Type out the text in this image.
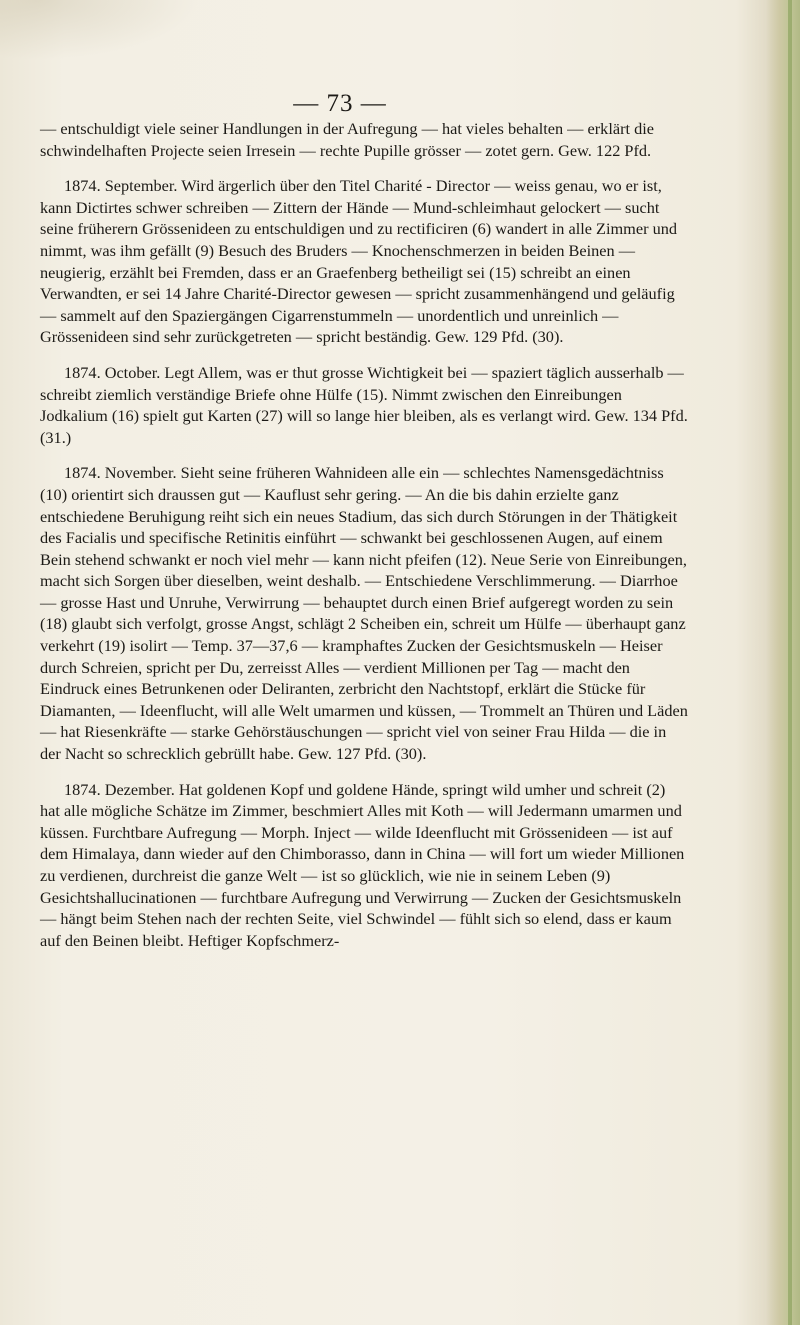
— 73 —

— entschuldigt viele seiner Handlungen in der Aufregung — hat vieles behalten — erklärt die schwindelhaften Projecte seien Irresein — rechte Pupille grösser — zotet gern. Gew. 122 Pfd.

1874. September. Wird ärgerlich über den Titel Charité - Director — weiss genau, wo er ist, kann Dictirtes schwer schreiben — Zittern der Hände — Mund-schleimhaut gelockert — sucht seine früherern Grössenideen zu entschuldigen und zu rectificiren (6) wandert in alle Zimmer und nimmt, was ihm gefällt (9) Besuch des Bruders — Knochenschmerzen in beiden Beinen — neugierig, erzählt bei Fremden, dass er an Graefenberg betheiligt sei (15) schreibt an einen Verwandten, er sei 14 Jahre Charité-Director gewesen — spricht zusammenhängend und geläufig — sammelt auf den Spaziergängen Cigarrenstummeln — unordentlich und unreinlich — Grössenideen sind sehr zurückgetreten — spricht beständig. Gew. 129 Pfd. (30).

1874. October. Legt Allem, was er thut grosse Wichtigkeit bei — spaziert täglich ausserhalb — schreibt ziemlich verständige Briefe ohne Hülfe (15). Nimmt zwischen den Einreibungen Jodkalium (16) spielt gut Karten (27) will so lange hier bleiben, als es verlangt wird. Gew. 134 Pfd. (31.)

1874. November. Sieht seine früheren Wahnideen alle ein — schlechtes Namensgedächtniss (10) orientirt sich draussen gut — Kauflust sehr gering. — An die bis dahin erzielte ganz entschiedene Beruhigung reiht sich ein neues Stadium, das sich durch Störungen in der Thätigkeit des Facialis und specifische Retinitis einführt — schwankt bei geschlossenen Augen, auf einem Bein stehend schwankt er noch viel mehr — kann nicht pfeifen (12). Neue Serie von Einreibungen, macht sich Sorgen über dieselben, weint deshalb. — Entschiedene Verschlimmerung. — Diarrhoe — grosse Hast und Unruhe, Verwirrung — behauptet durch einen Brief aufgeregt worden zu sein (18) glaubt sich verfolgt, grosse Angst, schlägt 2 Scheiben ein, schreit um Hülfe — überhaupt ganz verkehrt (19) isolirt — Temp. 37—37,6 — kramphaftes Zucken der Gesichtsmuskeln — Heiser durch Schreien, spricht per Du, zerreisst Alles — verdient Millionen per Tag — macht den Eindruck eines Betrunkenen oder Deliranten, zerbricht den Nachtstopf, erklärt die Stücke für Diamanten, — Ideenflucht, will alle Welt umarmen und küssen, — Trommelt an Thüren und Läden — hat Riesenkräfte — starke Gehörstäuschungen — spricht viel von seiner Frau Hilda — die in der Nacht so schrecklich gebrüllt habe. Gew. 127 Pfd. (30).

1874. Dezember. Hat goldenen Kopf und goldene Hände, springt wild umher und schreit (2) hat alle mögliche Schätze im Zimmer, beschmiert Alles mit Koth — will Jedermann umarmen und küssen. Furchtbare Aufregung — Morph. Inject — wilde Ideenflucht mit Grössenideen — ist auf dem Himalaya, dann wieder auf den Chimborasso, dann in China — will fort um wieder Millionen zu verdienen, durchreist die ganze Welt — ist so glücklich, wie nie in seinem Leben (9) Gesichtshallucinationen — furchtbare Aufregung und Verwirrung — Zucken der Gesichtsmuskeln — hängt beim Stehen nach der rechten Seite, viel Schwindel — fühlt sich so elend, dass er kaum auf den Beinen bleibt. Heftiger Kopfschmerz-
